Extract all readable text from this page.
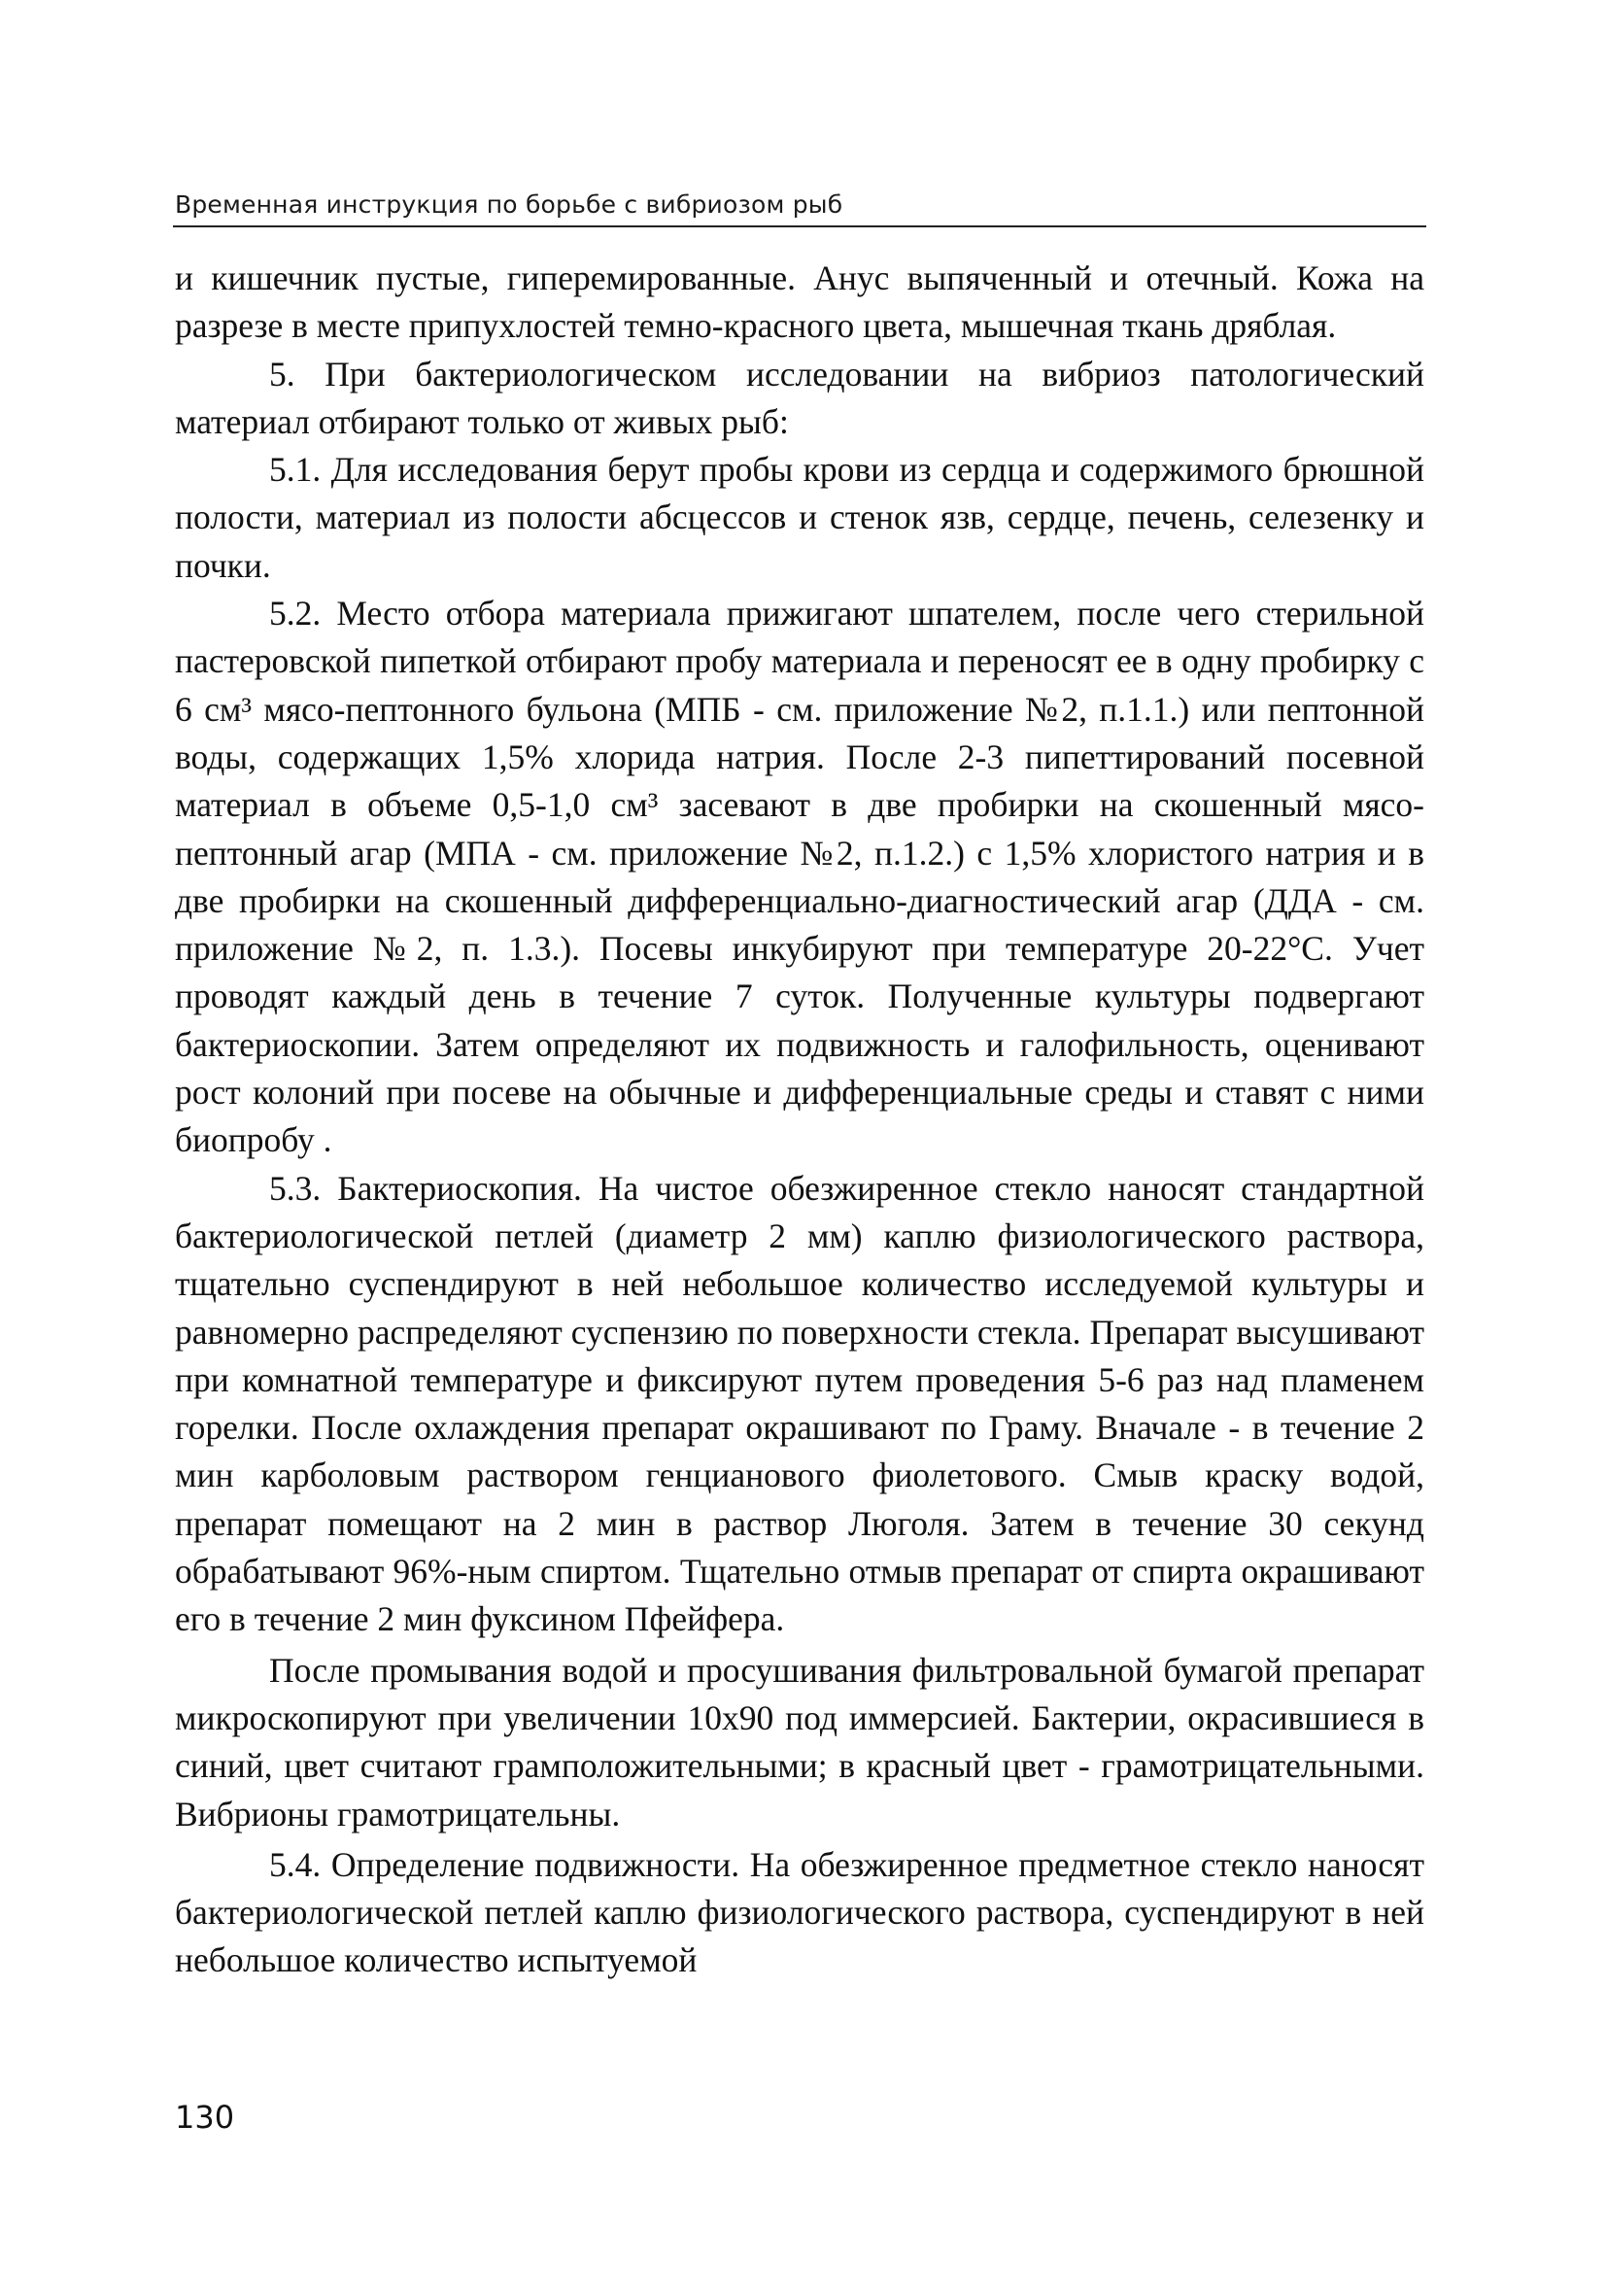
Временная инструкция по борьбе с вибриозом рыб

и кишечник пустые, гиперемированные. Анус выпяченный и отечный. Кожа на разрезе в месте припухлостей темно-красного цвета, мышечная ткань дряблая.

5. При бактериологическом исследовании на вибриоз патологический материал отбирают только от живых рыб:

5.1. Для исследования берут пробы крови из сердца и содержимого брюшной полости, материал из полости абсцессов и стенок язв, сердце, печень, селезенку и почки.

5.2. Место отбора материала прижигают шпателем, после чего стерильной пастеровской пипеткой отбирают пробу материала и переносят ее в одну пробирку с 6 см³ мясо-пептонного бульона (МПБ - см. приложение №2, п.1.1.) или пептонной воды, содержащих 1,5% хлорида натрия. После 2-3 пипеттирований посевной материал в объеме 0,5-1,0 см³ засевают в две пробирки на скошенный мясо-пептонный агар (МПА - см. приложение №2, п.1.2.) с 1,5% хлористого натрия и в две пробирки на скошенный дифференциально-диагностический агар (ДДА - см. приложение №2, п. 1.3.). Посевы инкубируют при температуре 20-22°С. Учет проводят каждый день в течение 7 суток. Полученные культуры подвергают бактериоскопии. Затем определяют их подвижность и галофильность, оценивают рост колоний при посеве на обычные и дифференциальные среды и ставят с ними биопробу .

5.3. Бактериоскопия. На чистое обезжиренное стекло наносят стандартной бактериологической петлей (диаметр 2 мм) каплю физиологического раствора, тщательно суспендируют в ней небольшое количество исследуемой культуры и равномерно распределяют суспензию по поверхности стекла. Препарат высушивают при комнатной температуре и фиксируют путем проведения 5-6 раз над пламенем горелки. После охлаждения препарат окрашивают по Граму. Вначале - в течение 2 мин карболовым раствором генцианового фиолетового. Смыв краску водой, препарат помещают на 2 мин в раствор Люголя. Затем в течение 30 секунд обрабатывают 96%-ным спиртом. Тщательно отмыв препарат от спирта окрашивают его в течение 2 мин фуксином Пфейфера.

После промывания водой и просушивания фильтровальной бумагой препарат микроскопируют при увеличении 10х90 под иммерсией. Бактерии, окрасившиеся в синий, цвет считают грамположительными; в красный цвет - грамотрицательными. Вибрионы грамотрицательны.

5.4. Определение подвижности. На обезжиренное предметное стекло наносят бактериологической петлей каплю физиологического раствора, суспендируют в ней небольшое количество испытуемой

130
